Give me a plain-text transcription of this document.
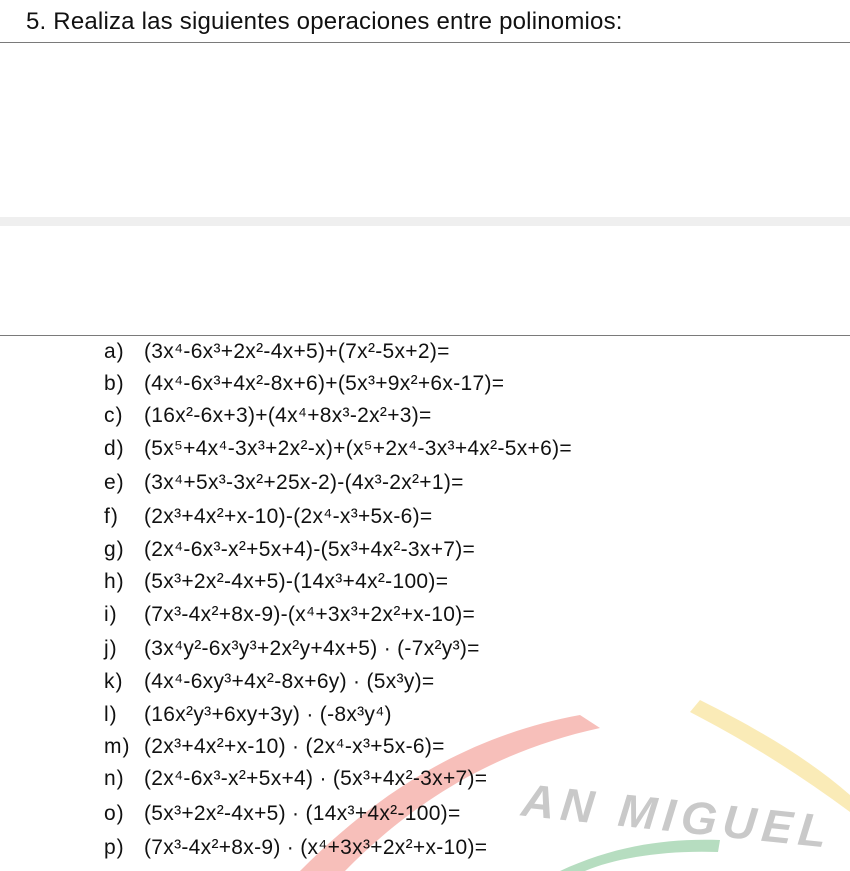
5. Realiza las siguientes operaciones entre polinomios:
AN MIGUEL
a) (3x⁴-6x³+2x²-4x+5)+(7x²-5x+2)=
b) (4x⁴-6x³+4x²-8x+6)+(5x³+9x²+6x-17)=
c) (16x²-6x+3)+(4x⁴+8x³-2x²+3)=
d) (5x⁵+4x⁴-3x³+2x²-x)+(x⁵+2x⁴-3x³+4x²-5x+6)=
e) (3x⁴+5x³-3x²+25x-2)-(4x³-2x²+1)=
f)	(2x³+4x²+x-10)-(2x⁴-x³+5x-6)=
g) (2x⁴-6x³-x²+5x+4)-(5x³+4x²-3x+7)=
h) (5x³+2x²-4x+5)-(14x³+4x²-100)=
i)	(7x³-4x²+8x-9)-(x⁴+3x³+2x²+x-10)=
j)	(3x⁴y²-6x³y³+2x²y+4x+5) · (-7x²y³)=
k) (4x⁴-6xy³+4x²-8x+6y) · (5x³y)=
l)	(16x²y³+6xy+3y) · (-8x³y⁴)
m) (2x³+4x²+x-10) · (2x⁴-x³+5x-6)=
n) (2x⁴-6x³-x²+5x+4) · (5x³+4x²-3x+7)=
o) (5x³+2x²-4x+5) · (14x³+4x²-100)=
p) (7x³-4x²+8x-9) · (x⁴+3x³+2x²+x-10)=
